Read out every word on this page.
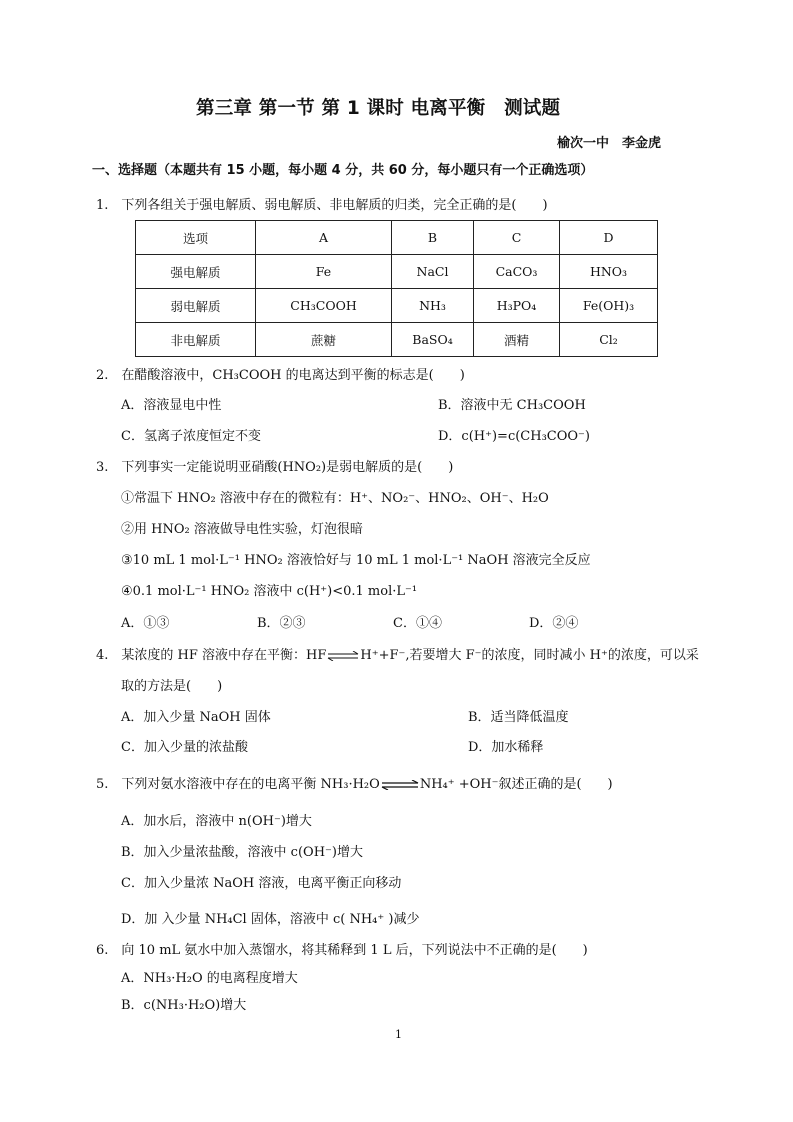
第三章 第一节 第 1 课时 电离平衡　测试题
榆次一中　李金虎
一、选择题（本题共有 15 小题，每小题 4 分，共 60 分，每小题只有一个正确选项）
1.　下列各组关于强电解质、弱电解质、非电解质的归类，完全正确的是(　　)
选项	A	B	C	D
强电解质	Fe	NaCl	CaCO₃	HNO₃
弱电解质	CH₃COOH	NH₃	H₃PO₄	Fe(OH)₃
非电解质	蔗糖	BaSO₄	酒精	Cl₂
2.　在醋酸溶液中，CH₃COOH 的电离达到平衡的标志是(　　)
A．溶液显电中性	B．溶液中无 CH₃COOH
C．氢离子浓度恒定不变	D．c(H⁺)=c(CH₃COO⁻)
3.　下列事实一定能说明亚硝酸(HNO₂)是弱电解质的是(　　)
①常温下 HNO₂ 溶液中存在的微粒有：H⁺、NO₂⁻、HNO₂、OH⁻、H₂O
②用 HNO₂ 溶液做导电性实验，灯泡很暗
③10 mL 1 mol·L⁻¹ HNO₂ 溶液恰好与 10 mL 1 mol·L⁻¹ NaOH 溶液完全反应
④0.1 mol·L⁻¹ HNO₂ 溶液中 c(H⁺)<0.1 mol·L⁻¹
A．①③	B．②③	C．①④	D．②④
4.　某浓度的 HF 溶液中存在平衡：HF⇌H⁺+F⁻,若要增大 F⁻的浓度，同时减小 H⁺的浓度，可以采
取的方法是(　　)
A．加入少量 NaOH 固体	B．适当降低温度
C．加入少量的浓盐酸	D．加水稀释
5.　下列对氨水溶液中存在的电离平衡 NH₃·H₂O⇌NH₄⁺ +OH⁻叙述正确的是(　　)
A．加水后，溶液中 n(OH⁻)增大
B．加入少量浓盐酸，溶液中 c(OH⁻)增大
C．加入少量浓 NaOH 溶液，电离平衡正向移动
D．加 入少量 NH₄Cl 固体，溶液中 c( NH₄⁺ )减少
6.　向 10 mL 氨水中加入蒸馏水，将其稀释到 1 L 后，下列说法中不正确的是(　　)
A．NH₃·H₂O 的电离程度增大
B．c(NH₃·H₂O)增大
1
